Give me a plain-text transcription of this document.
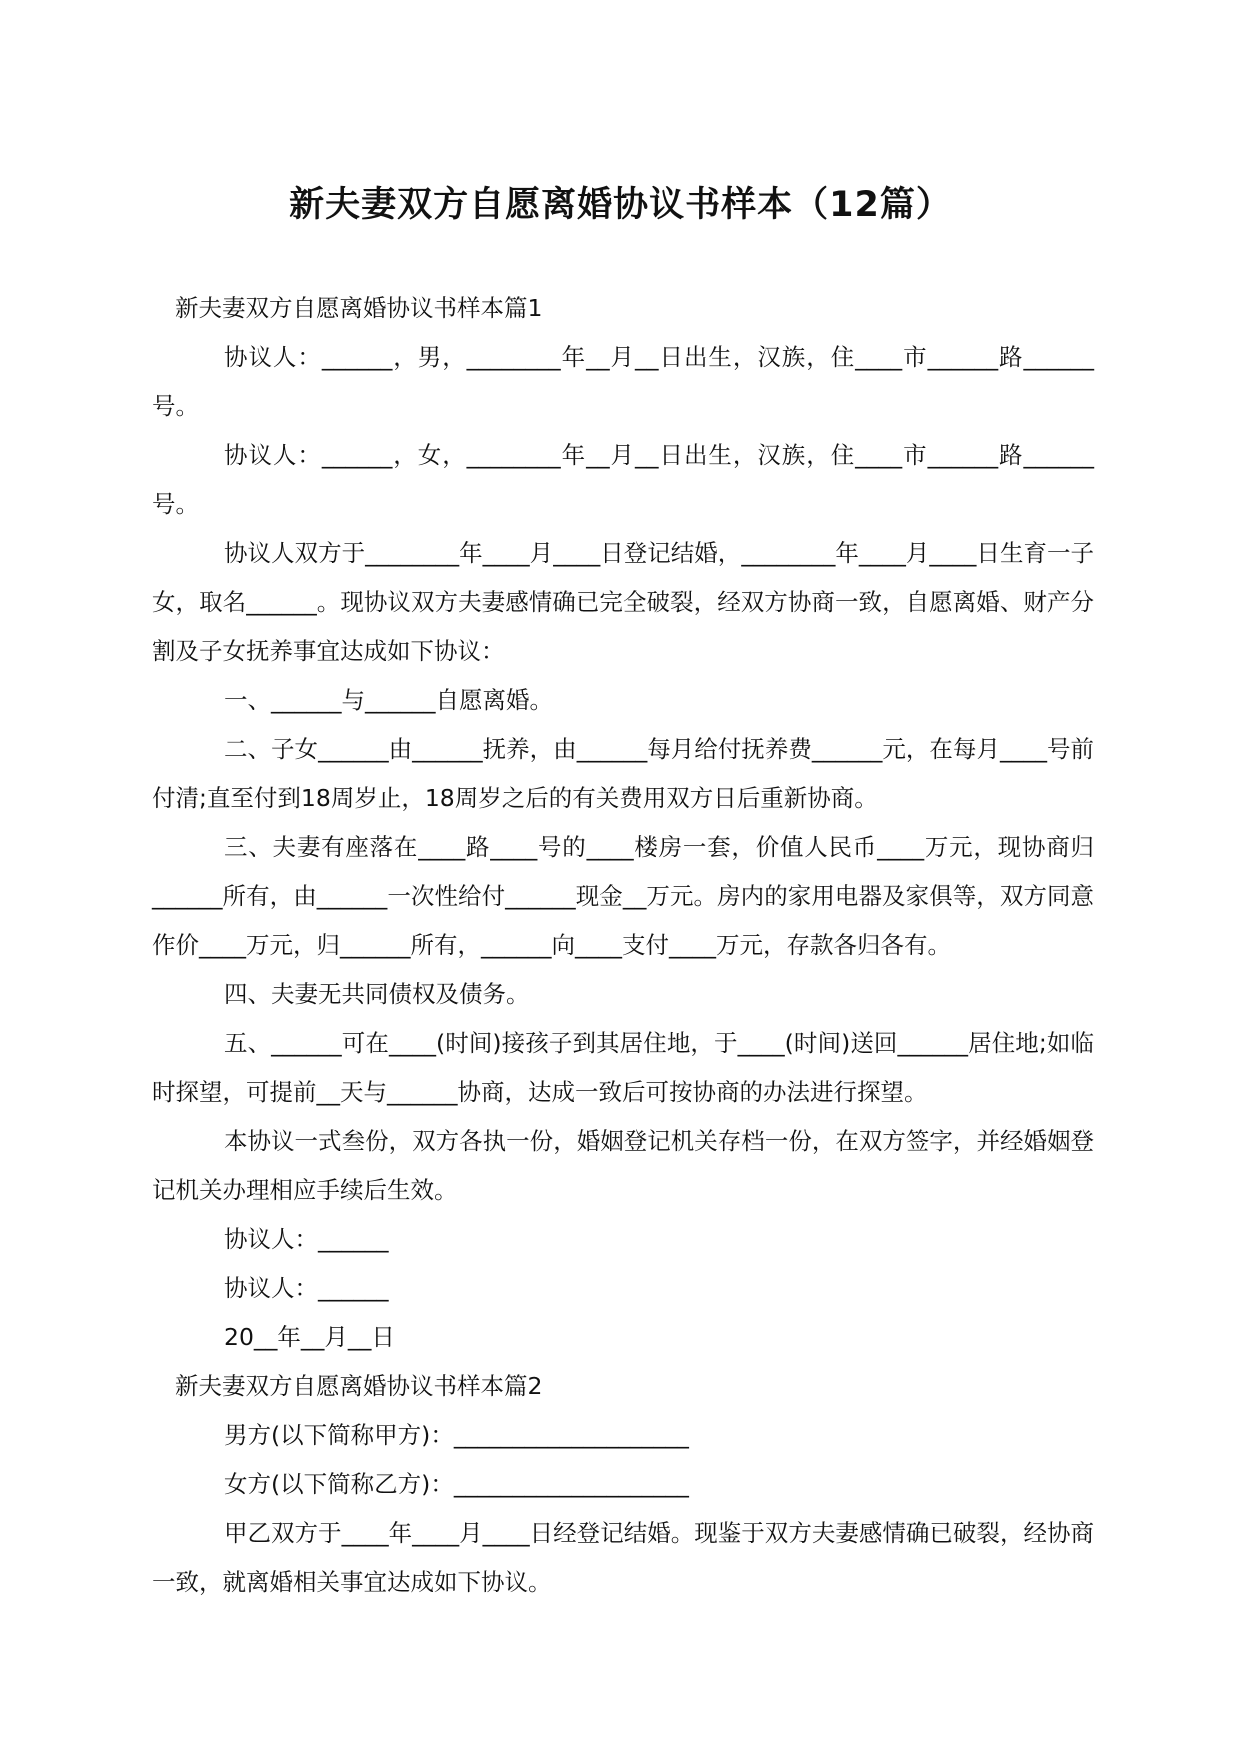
新夫妻双方自愿离婚协议书样本（12篇）

新夫妻双方自愿离婚协议书样本篇1

协议人：______，男，________年__月__日出生，汉族，住____市______路______号。

协议人：______，女，________年__月__日出生，汉族，住____市______路______号。

协议人双方于________年____月____日登记结婚，________年____月____日生育一子女，取名______。现协议双方夫妻感情确已完全破裂，经双方协商一致，自愿离婚、财产分割及子女抚养事宜达成如下协议：

一、______与______自愿离婚。

二、子女______由______抚养，由______每月给付抚养费______元，在每月____号前付清;直至付到18周岁止，18周岁之后的有关费用双方日后重新协商。

三、夫妻有座落在____路____号的____楼房一套，价值人民币____万元，现协商归______所有，由______一次性给付______现金__万元。房内的家用电器及家俱等，双方同意作价____万元，归______所有，______向____支付____万元，存款各归各有。

四、夫妻无共同债权及债务。

五、______可在____(时间)接孩子到其居住地，于____(时间)送回______居住地;如临时探望，可提前__天与______协商，达成一致后可按协商的办法进行探望。

本协议一式叁份，双方各执一份，婚姻登记机关存档一份，在双方签字，并经婚姻登记机关办理相应手续后生效。

协议人：______

协议人：______

20__年__月__日

新夫妻双方自愿离婚协议书样本篇2

男方(以下简称甲方)：____________________

女方(以下简称乙方)：____________________

甲乙双方于____年____月____日经登记结婚。现鉴于双方夫妻感情确已破裂，经协商一致，就离婚相关事宜达成如下协议。
